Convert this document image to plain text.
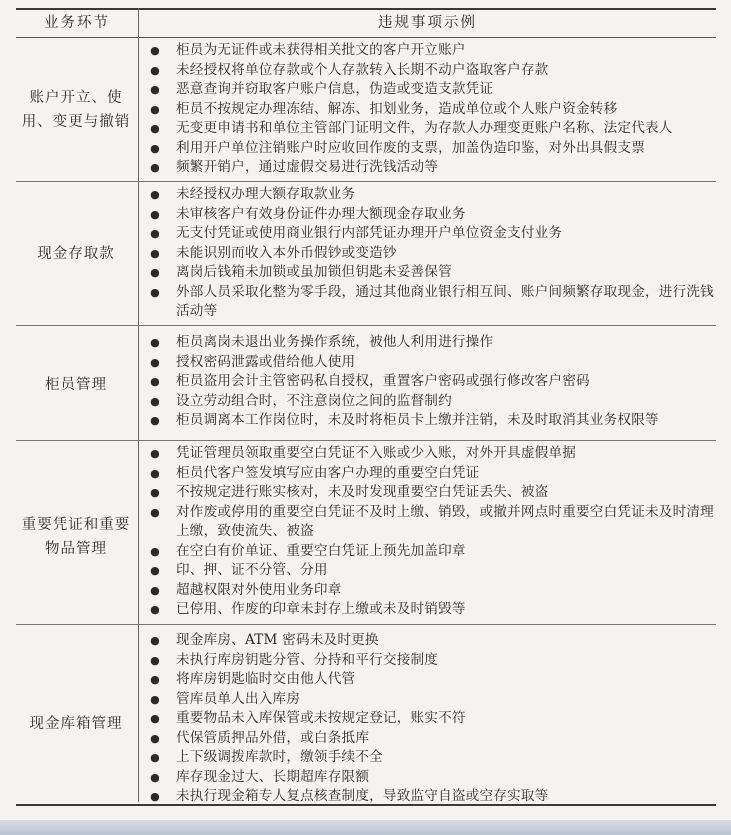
业务环节	违规事项示例
账户开立、使
用、变更与撤销
● 柜员为无证件或未获得相关批文的客户开立账户
● 未经授权将单位存款或个人存款转入长期不动户盗取客户存款
● 恶意查询并窃取客户账户信息，伪造或变造支款凭证
● 柜员不按规定办理冻结、解冻、扣划业务，造成单位或个人账户资金转移
● 无变更申请书和单位主管部门证明文件，为存款人办理变更账户名称、法定代表人
● 利用开户单位注销账户时应收回作废的支票，加盖伪造印鉴，对外出具假支票
● 频繁开销户，通过虚假交易进行洗钱活动等
现金存取款
● 未经授权办理大额存取款业务
● 未审核客户有效身份证件办理大额现金存取业务
● 无支付凭证或使用商业银行内部凭证办理开户单位资金支付业务
● 未能识别而收入本外币假钞或变造钞
● 离岗后钱箱未加锁或虽加锁但钥匙未妥善保管
● 外部人员采取化整为零手段，通过其他商业银行相互间、账户间频繁存取现金，进行洗钱活动等
柜员管理
● 柜员离岗未退出业务操作系统，被他人利用进行操作
● 授权密码泄露或借给他人使用
● 柜员盗用会计主管密码私自授权，重置客户密码或强行修改客户密码
● 设立劳动组合时，不注意岗位之间的监督制约
● 柜员调离本工作岗位时，未及时将柜员卡上缴并注销，未及时取消其业务权限等
重要凭证和重要
物品管理
● 凭证管理员领取重要空白凭证不入账或少入账，对外开具虚假单据
● 柜员代客户签发填写应由客户办理的重要空白凭证
● 不按规定进行账实核对，未及时发现重要空白凭证丢失、被盗
● 对作废或停用的重要空白凭证不及时上缴、销毁，或撤并网点时重要空白凭证未及时清理上缴，致使流失、被盗
● 在空白有价单证、重要空白凭证上预先加盖印章
● 印、押、证不分管、分用
● 超越权限对外使用业务印章
● 已停用、作废的印章未封存上缴或未及时销毁等
现金库箱管理
● 现金库房、ATM 密码未及时更换
● 未执行库房钥匙分管、分持和平行交接制度
● 将库房钥匙临时交由他人代管
● 管库员单人出入库房
● 重要物品未入库保管或未按规定登记，账实不符
● 代保管质押品外借，或白条抵库
● 上下级调拨库款时，缴领手续不全
● 库存现金过大、长期超库存限额
● 未执行现金箱专人复点核查制度，导致监守自盗或空存实取等
